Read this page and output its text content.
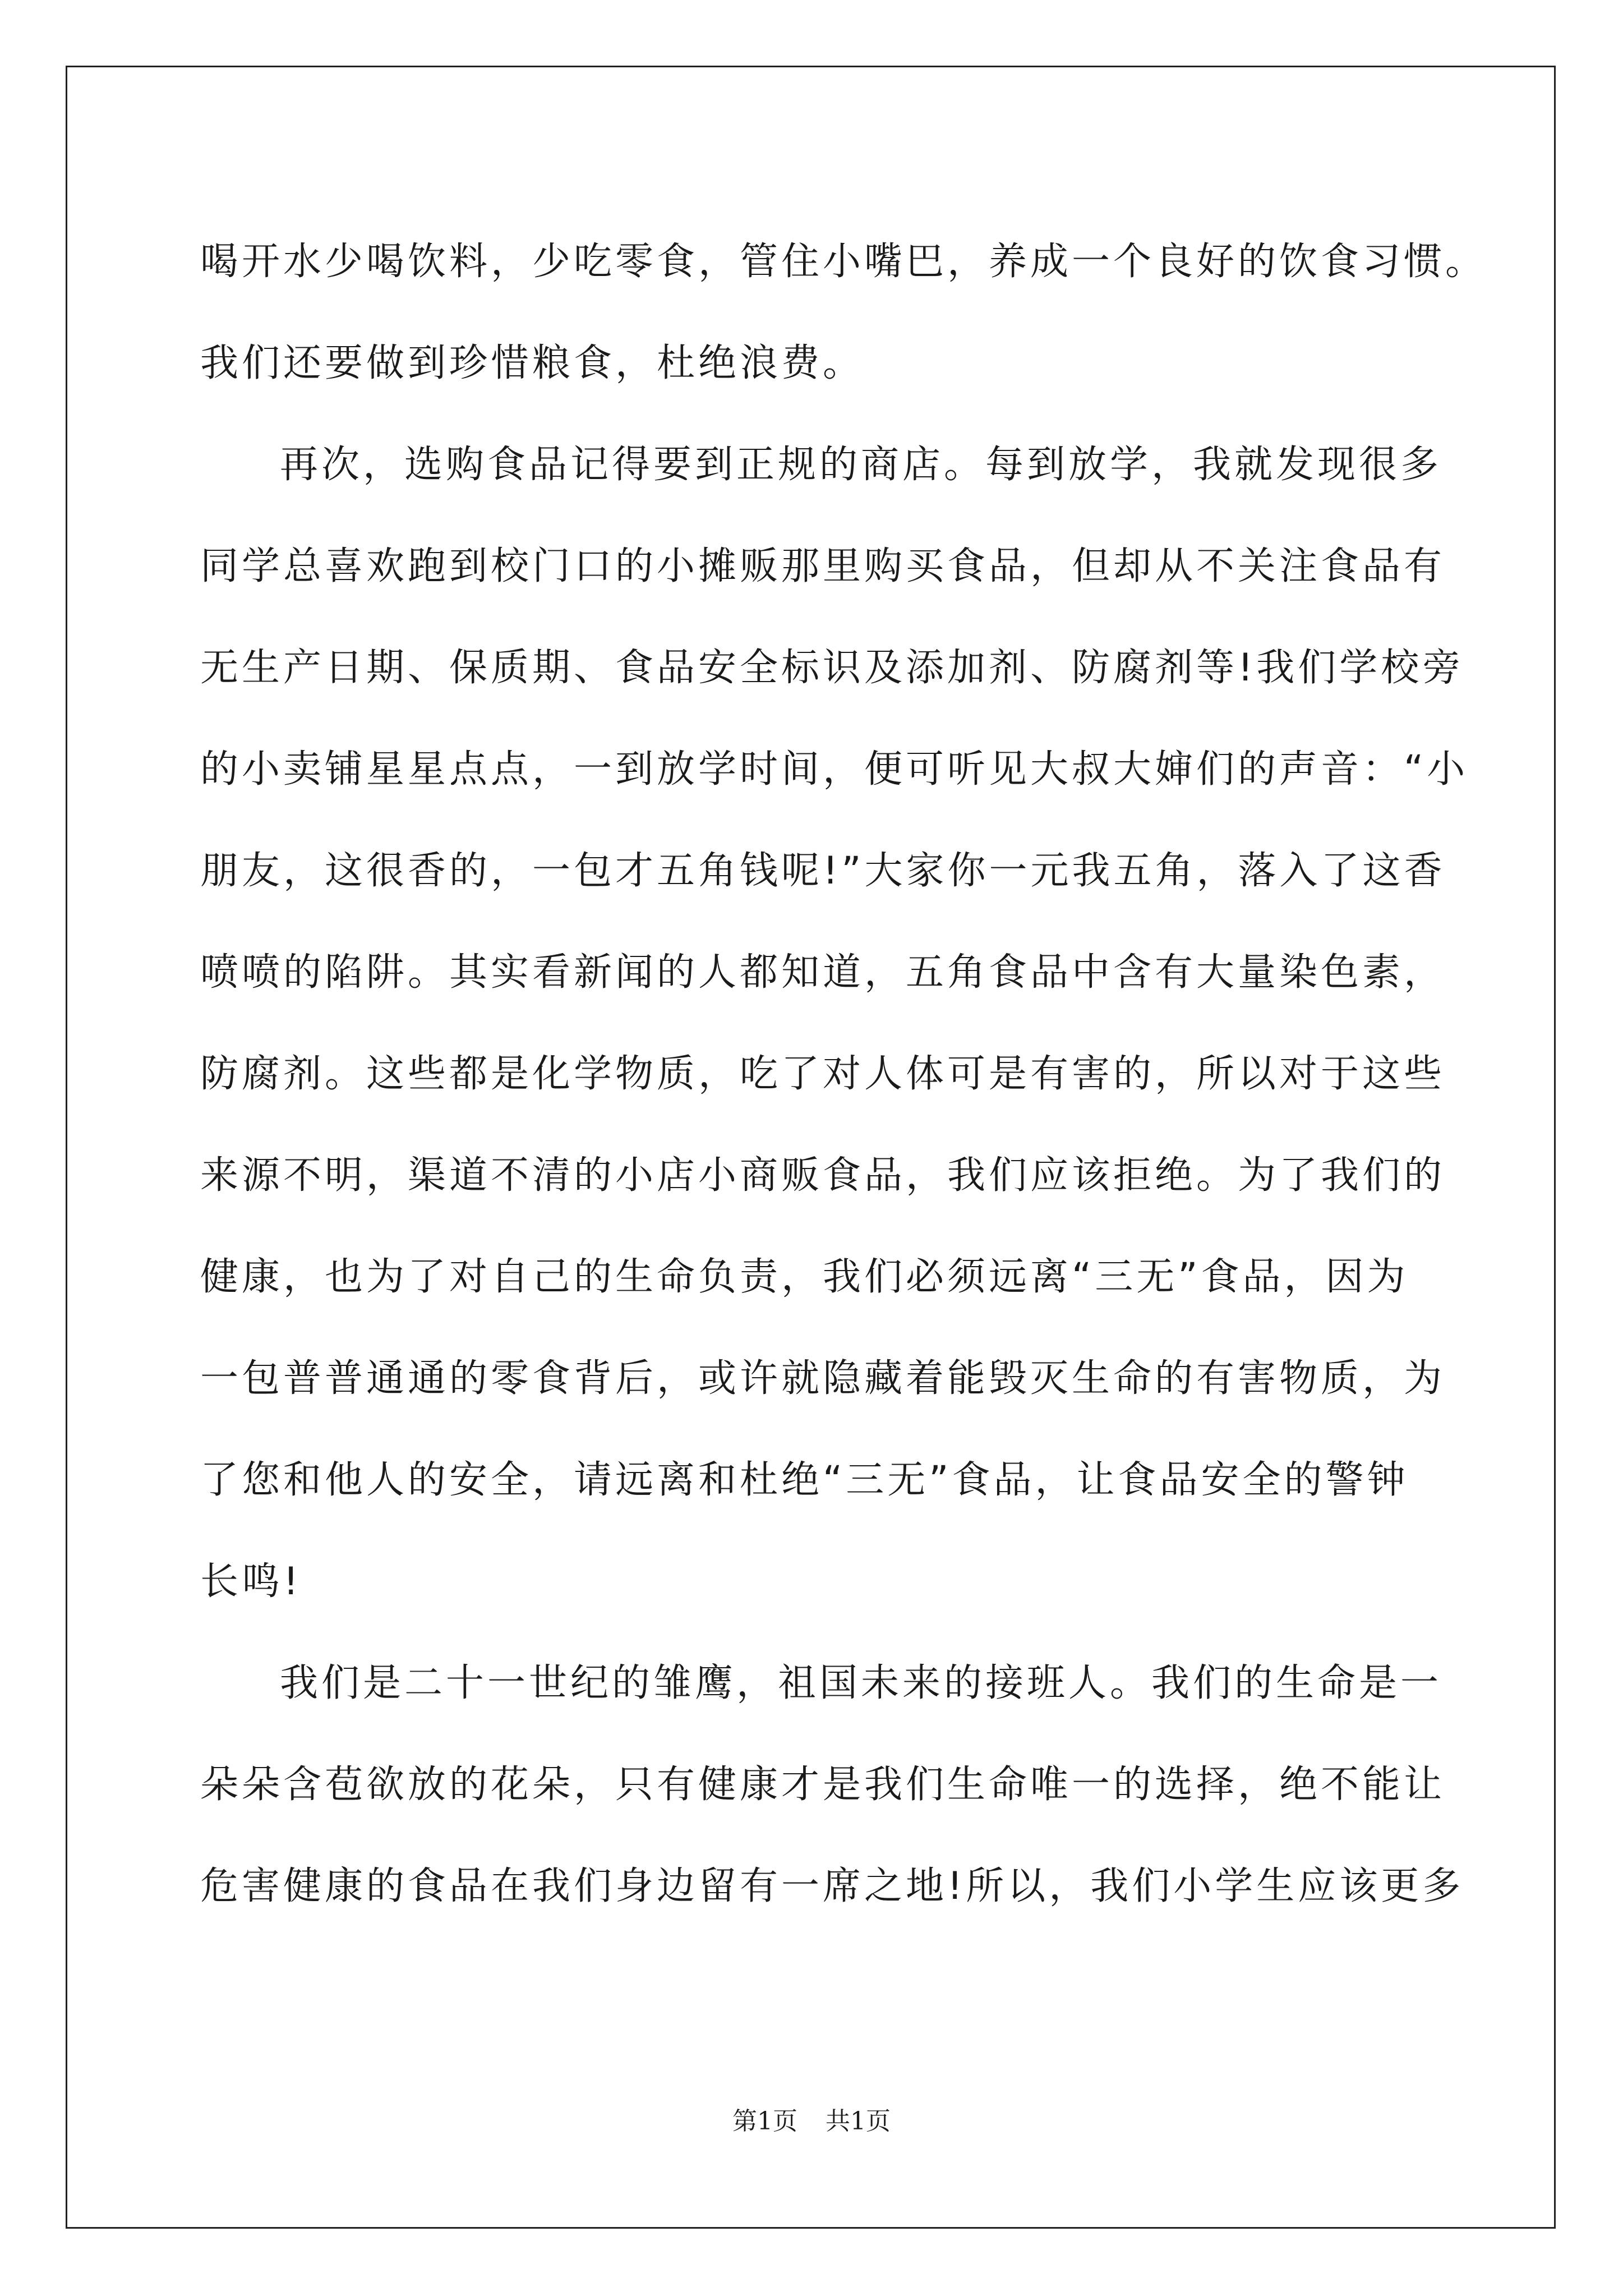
喝开水少喝饮料，少吃零食，管住小嘴巴，养成一个良好的饮食习惯。
我们还要做到珍惜粮食，杜绝浪费。
再次，选购食品记得要到正规的商店。每到放学，我就发现很多
同学总喜欢跑到校门口的小摊贩那里购买食品，但却从不关注食品有
无生产日期、保质期、食品安全标识及添加剂、防腐剂等!我们学校旁
的小卖铺星星点点，一到放学时间，便可听见大叔大婶们的声音：“小
朋友，这很香的，一包才五角钱呢!”大家你一元我五角，落入了这香
喷喷的陷阱。其实看新闻的人都知道，五角食品中含有大量染色素，
防腐剂。这些都是化学物质，吃了对人体可是有害的，所以对于这些
来源不明，渠道不清的小店小商贩食品，我们应该拒绝。为了我们的
健康，也为了对自己的生命负责，我们必须远离“三无”食品，因为
一包普普通通的零食背后，或许就隐藏着能毁灭生命的有害物质，为
了您和他人的安全，请远离和杜绝“三无”食品，让食品安全的警钟
长鸣!
我们是二十一世纪的雏鹰，祖国未来的接班人。我们的生命是一
朵朵含苞欲放的花朵，只有健康才是我们生命唯一的选择，绝不能让
危害健康的食品在我们身边留有一席之地!所以，我们小学生应该更多
第1页 共1页
